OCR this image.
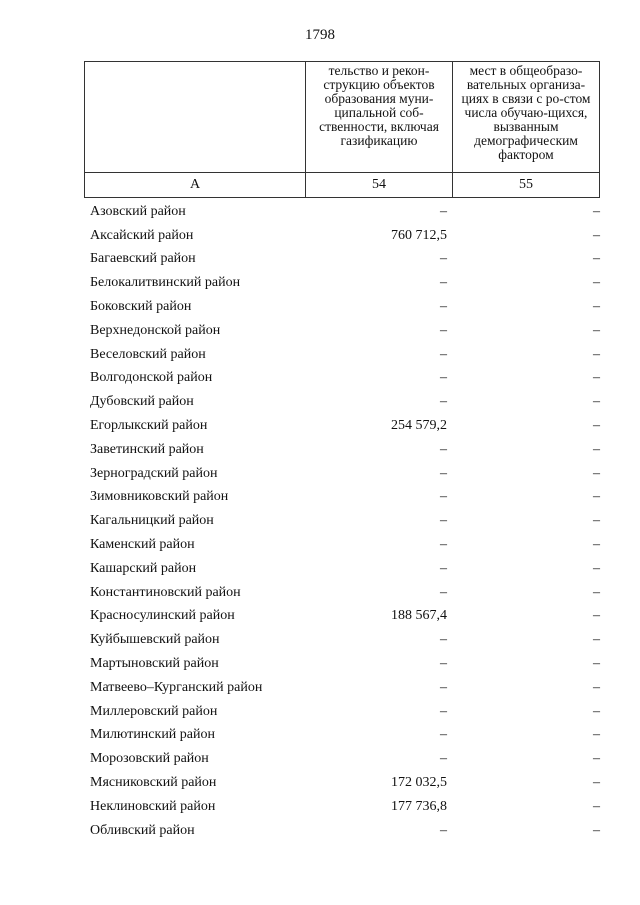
1798

	тельство и рекон-струкцию объектов образования муни-ципальной соб-ственности, включая газификацию	мест в общеобразо-вательных организа-циях в связи с ро-стом числа обучаю-щихся, вызванным демографическим фактором

А	54	55
Азовский район	–	–
Аксайский район	760 712,5	–
Багаевский район	–	–
Белокалитвинский район	–	–
Боковский район	–	–
Верхнедонской район	–	–
Веселовский район	–	–
Волгодонской район	–	–
Дубовский район	–	–
Егорлыкский район	254 579,2	–
Заветинский район	–	–
Зерноградский район	–	–
Зимовниковский район	–	–
Кагальницкий район	–	–
Каменский район	–	–
Кашарский район	–	–
Константиновский район	–	–
Красносулинский район	188 567,4	–
Куйбышевский район	–	–
Мартыновский район	–	–
Матвеево–Курганский район	–	–
Миллеровский район	–	–
Милютинский район	–	–
Морозовский район	–	–
Мясниковский район	172 032,5	–
Неклиновский район	177 736,8	–
Обливский район	–	–
